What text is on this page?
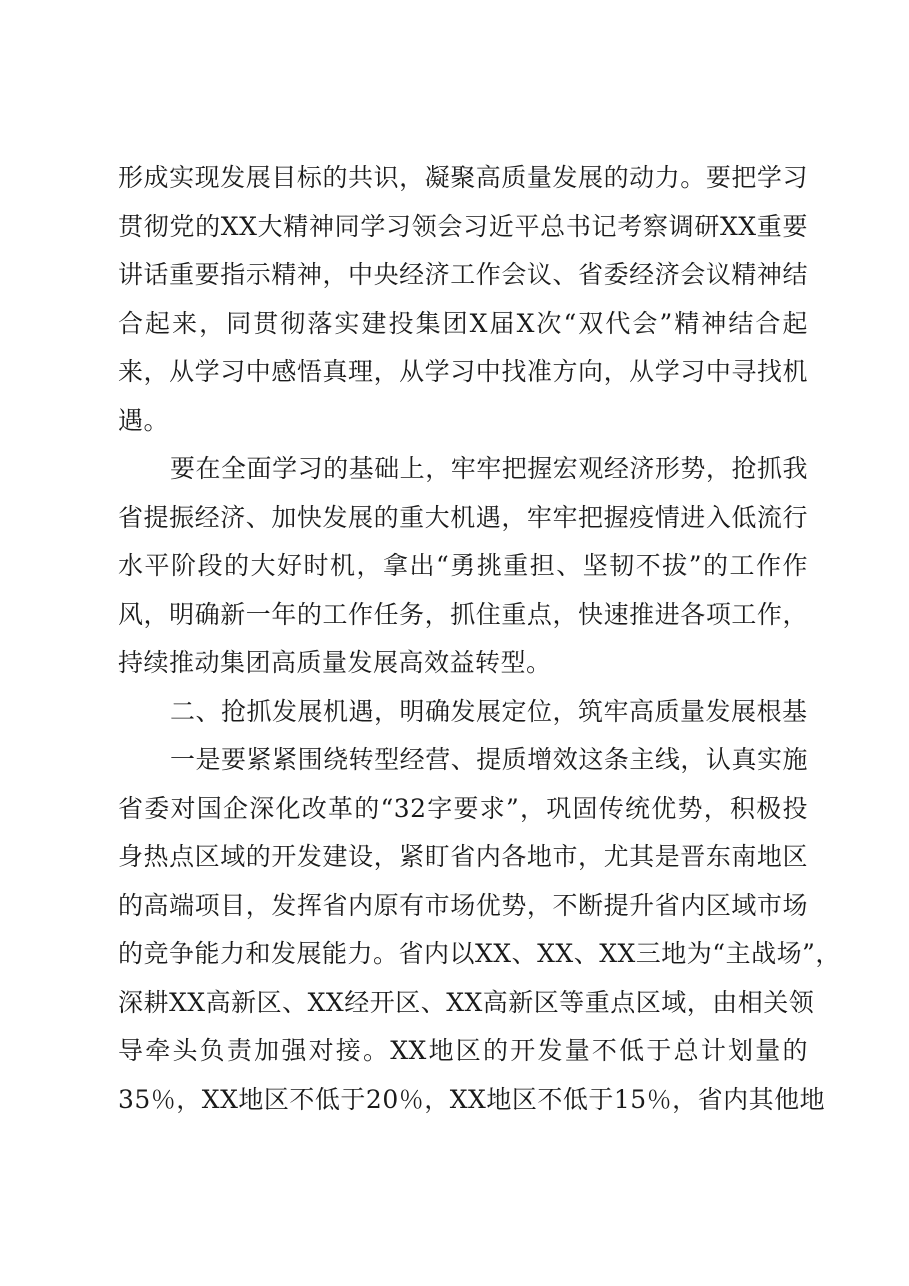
形成实现发展目标的共识，凝聚高质量发展的动力。要把学习
贯彻党的XX大精神同学习领会习近平总书记考察调研XX重要
讲话重要指示精神，中央经济工作会议、省委经济会议精神结
合起来，同贯彻落实建投集团X届X次“双代会”精神结合起
来，从学习中感悟真理，从学习中找准方向，从学习中寻找机
遇。
要在全面学习的基础上，牢牢把握宏观经济形势，抢抓我
省提振经济、加快发展的重大机遇，牢牢把握疫情进入低流行
水平阶段的大好时机，拿出“勇挑重担、坚韧不拔”的工作作
风，明确新一年的工作任务，抓住重点，快速推进各项工作，
持续推动集团高质量发展高效益转型。
二、抢抓发展机遇，明确发展定位，筑牢高质量发展根基
一是要紧紧围绕转型经营、提质增效这条主线，认真实施
省委对国企深化改革的“32字要求”，巩固传统优势，积极投
身热点区域的开发建设，紧盯省内各地市，尤其是晋东南地区
的高端项目，发挥省内原有市场优势，不断提升省内区域市场
的竞争能力和发展能力。省内以XX、XX、XX三地为“主战场”，
深耕XX高新区、XX经开区、XX高新区等重点区域，由相关领
导牵头负责加强对接。XX地区的开发量不低于总计划量的
35％，XX地区不低于20％，XX地区不低于15％，省内其他地
